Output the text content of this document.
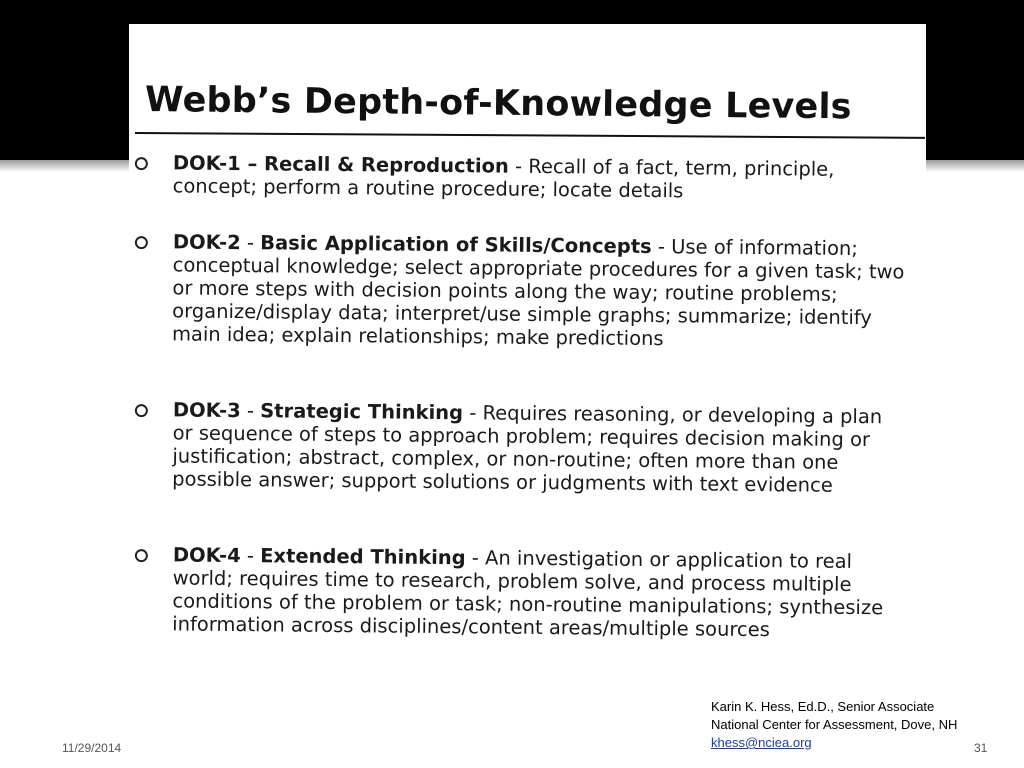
Webb’s Depth-of-Knowledge Levels

DOK-1 – Recall & Reproduction - Recall of a fact, term, principle, concept; perform a routine procedure; locate details

DOK-2 - Basic Application of Skills/Concepts - Use of information; conceptual knowledge; select appropriate procedures for a given task; two or more steps with decision points along the way; routine problems; organize/display data; interpret/use simple graphs; summarize; identify main idea; explain relationships; make predictions

DOK-3 - Strategic Thinking - Requires reasoning, or developing a plan or sequence of steps to approach problem; requires decision making or justification; abstract, complex, or non-routine; often more than one possible answer; support solutions or judgments with text evidence

DOK-4 - Extended Thinking - An investigation or application to real world; requires time to research, problem solve, and process multiple conditions of the problem or task; non-routine manipulations; synthesize information across disciplines/content areas/multiple sources

Karin K. Hess, Ed.D., Senior Associate
National Center for Assessment, Dove, NH
khess@nciea.org
11/29/2014	31
